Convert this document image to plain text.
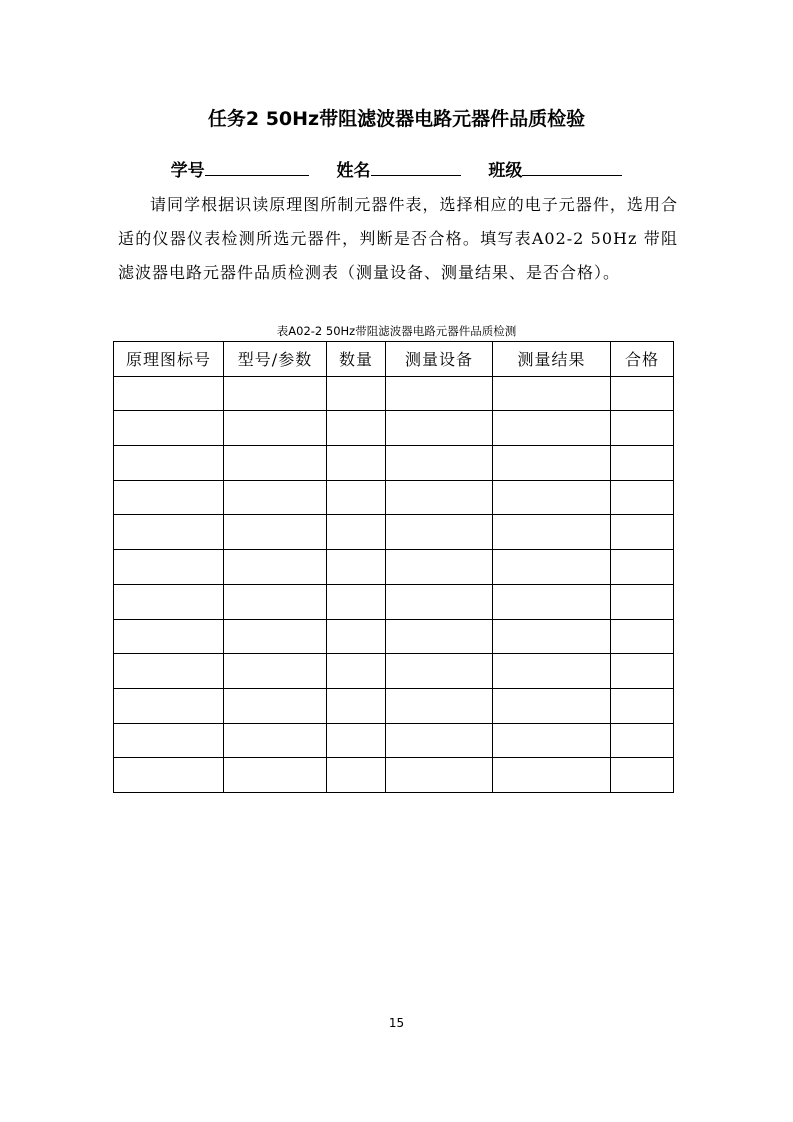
任务2 50Hz带阻滤波器电路元器件品质检验
学号	姓名	班级

请同学根据识读原理图所制元器件表，选择相应的电子元器件，选用合适的仪器仪表检测所选元器件，判断是否合格。填写表A02-2 50Hz 带阻滤波器电路元器件品质检测表（测量设备、测量结果、是否合格）。

表A02-2 50Hz带阻滤波器电路元器件品质检测
原理图标号	型号/参数	数量	测量设备	测量结果	合格

15
